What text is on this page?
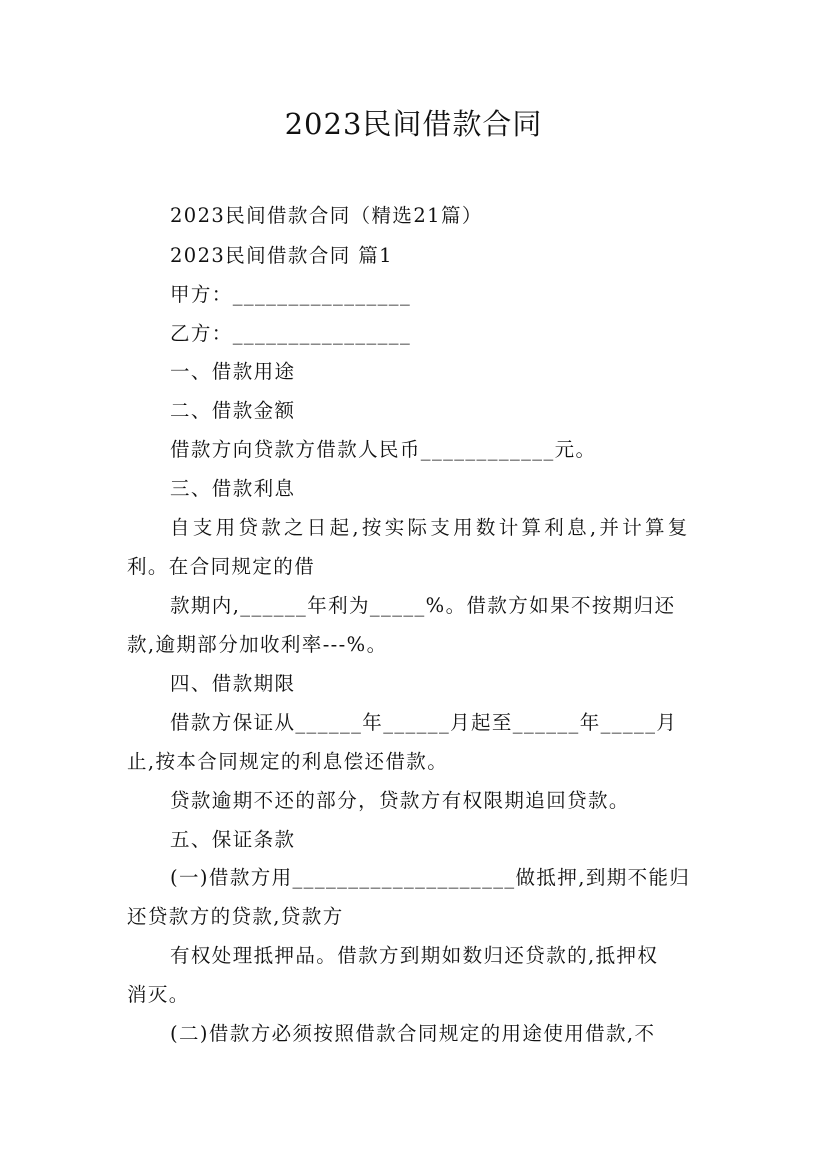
2023民间借款合同
2023民间借款合同（精选21篇）
2023民间借款合同 篇1
甲方：________________
乙方：________________
一、借款用途
二、借款金额
借款方向贷款方借款人民币____________元。
三、借款利息
自支用贷款之日起,按实际支用数计算利息,并计算复
利。在合同规定的借
款期内,______年利为_____%。借款方如果不按期归还
款,逾期部分加收利率---%。
四、借款期限
借款方保证从______年______月起至______年_____月
止,按本合同规定的利息偿还借款。
贷款逾期不还的部分，贷款方有权限期追回贷款。
五、保证条款
(一)借款方用____________________做抵押,到期不能归
还贷款方的贷款,贷款方
有权处理抵押品。借款方到期如数归还贷款的,抵押权
消灭。
(二)借款方必须按照借款合同规定的用途使用借款,不
